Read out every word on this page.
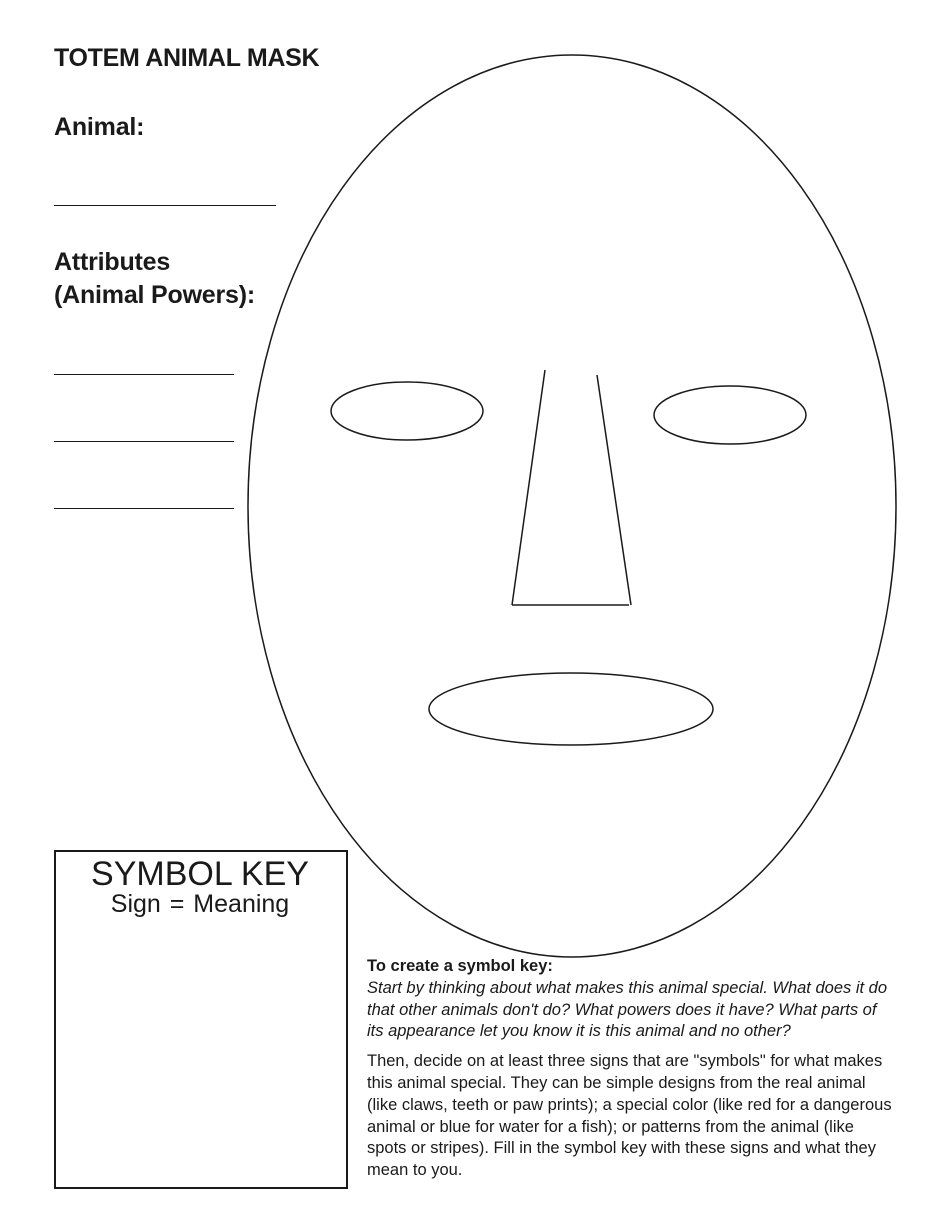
TOTEM ANIMAL MASK
Animal:
Attributes
(Animal Powers):
SYMBOL KEY
Sign = Meaning

To create a symbol key:

Start by thinking about what makes this animal special. What does it do that other animals don't do? What powers does it have? What parts of its appearance let you know it is this animal and no other?

Then, decide on at least three signs that are "symbols" for what makes this animal special. They can be simple designs from the real animal (like claws, teeth or paw prints); a special color (like red for a dangerous animal or blue for water for a fish); or patterns from the animal (like spots or stripes). Fill in the symbol key with these signs and what they mean to you.
